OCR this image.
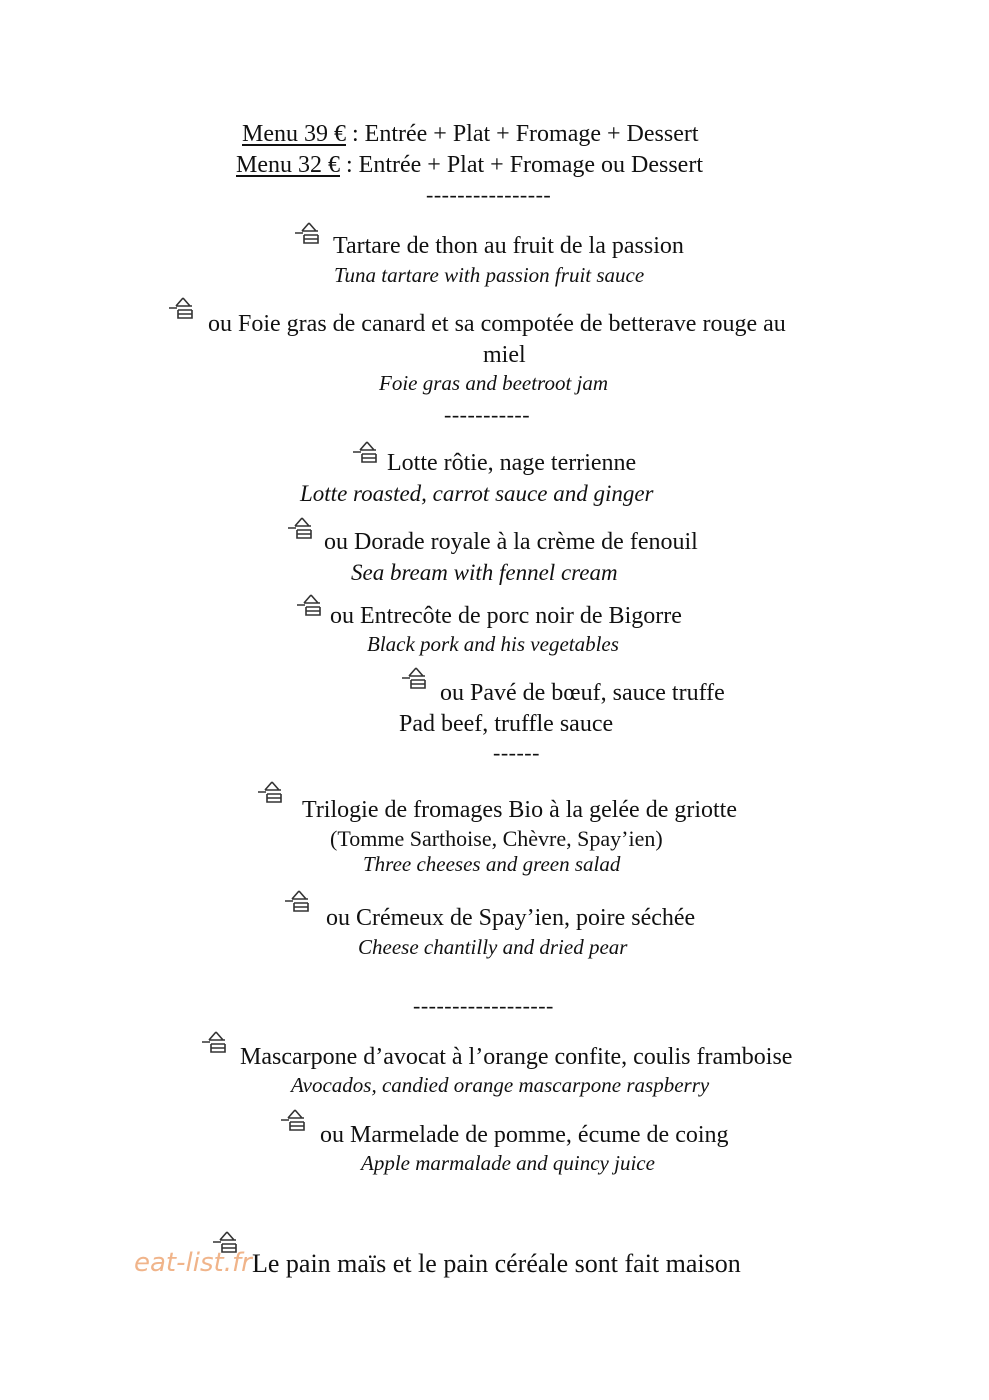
Menu 39 € : Entrée + Plat + Fromage + Dessert
Menu 32 € : Entrée + Plat + Fromage ou Dessert
----------------
Tartare de thon au fruit de la passion
Tuna tartare with passion fruit sauce
ou Foie gras de canard et sa compotée de betterave rouge au
miel
Foie gras and beetroot jam
-----------
Lotte rôtie, nage terrienne
Lotte roasted, carrot sauce and ginger
ou Dorade royale à la crème de fenouil
Sea bream with fennel cream
ou Entrecôte de porc noir de Bigorre
Black pork and his vegetables
ou Pavé de bœuf, sauce truffe
Pad beef, truffle sauce
------
Trilogie de fromages Bio à la gelée de griotte
(Tomme Sarthoise, Chèvre, Spay’ien)
Three cheeses and green salad
ou Crémeux de Spay’ien, poire séchée
Cheese chantilly and dried pear
------------------
Mascarpone d’avocat à l’orange confite, coulis framboise
Avocados, candied orange mascarpone raspberry
ou Marmelade de pomme, écume de coing
Apple marmalade and quincy juice
eat-list.fr Le pain maïs et le pain céréale sont fait maison
